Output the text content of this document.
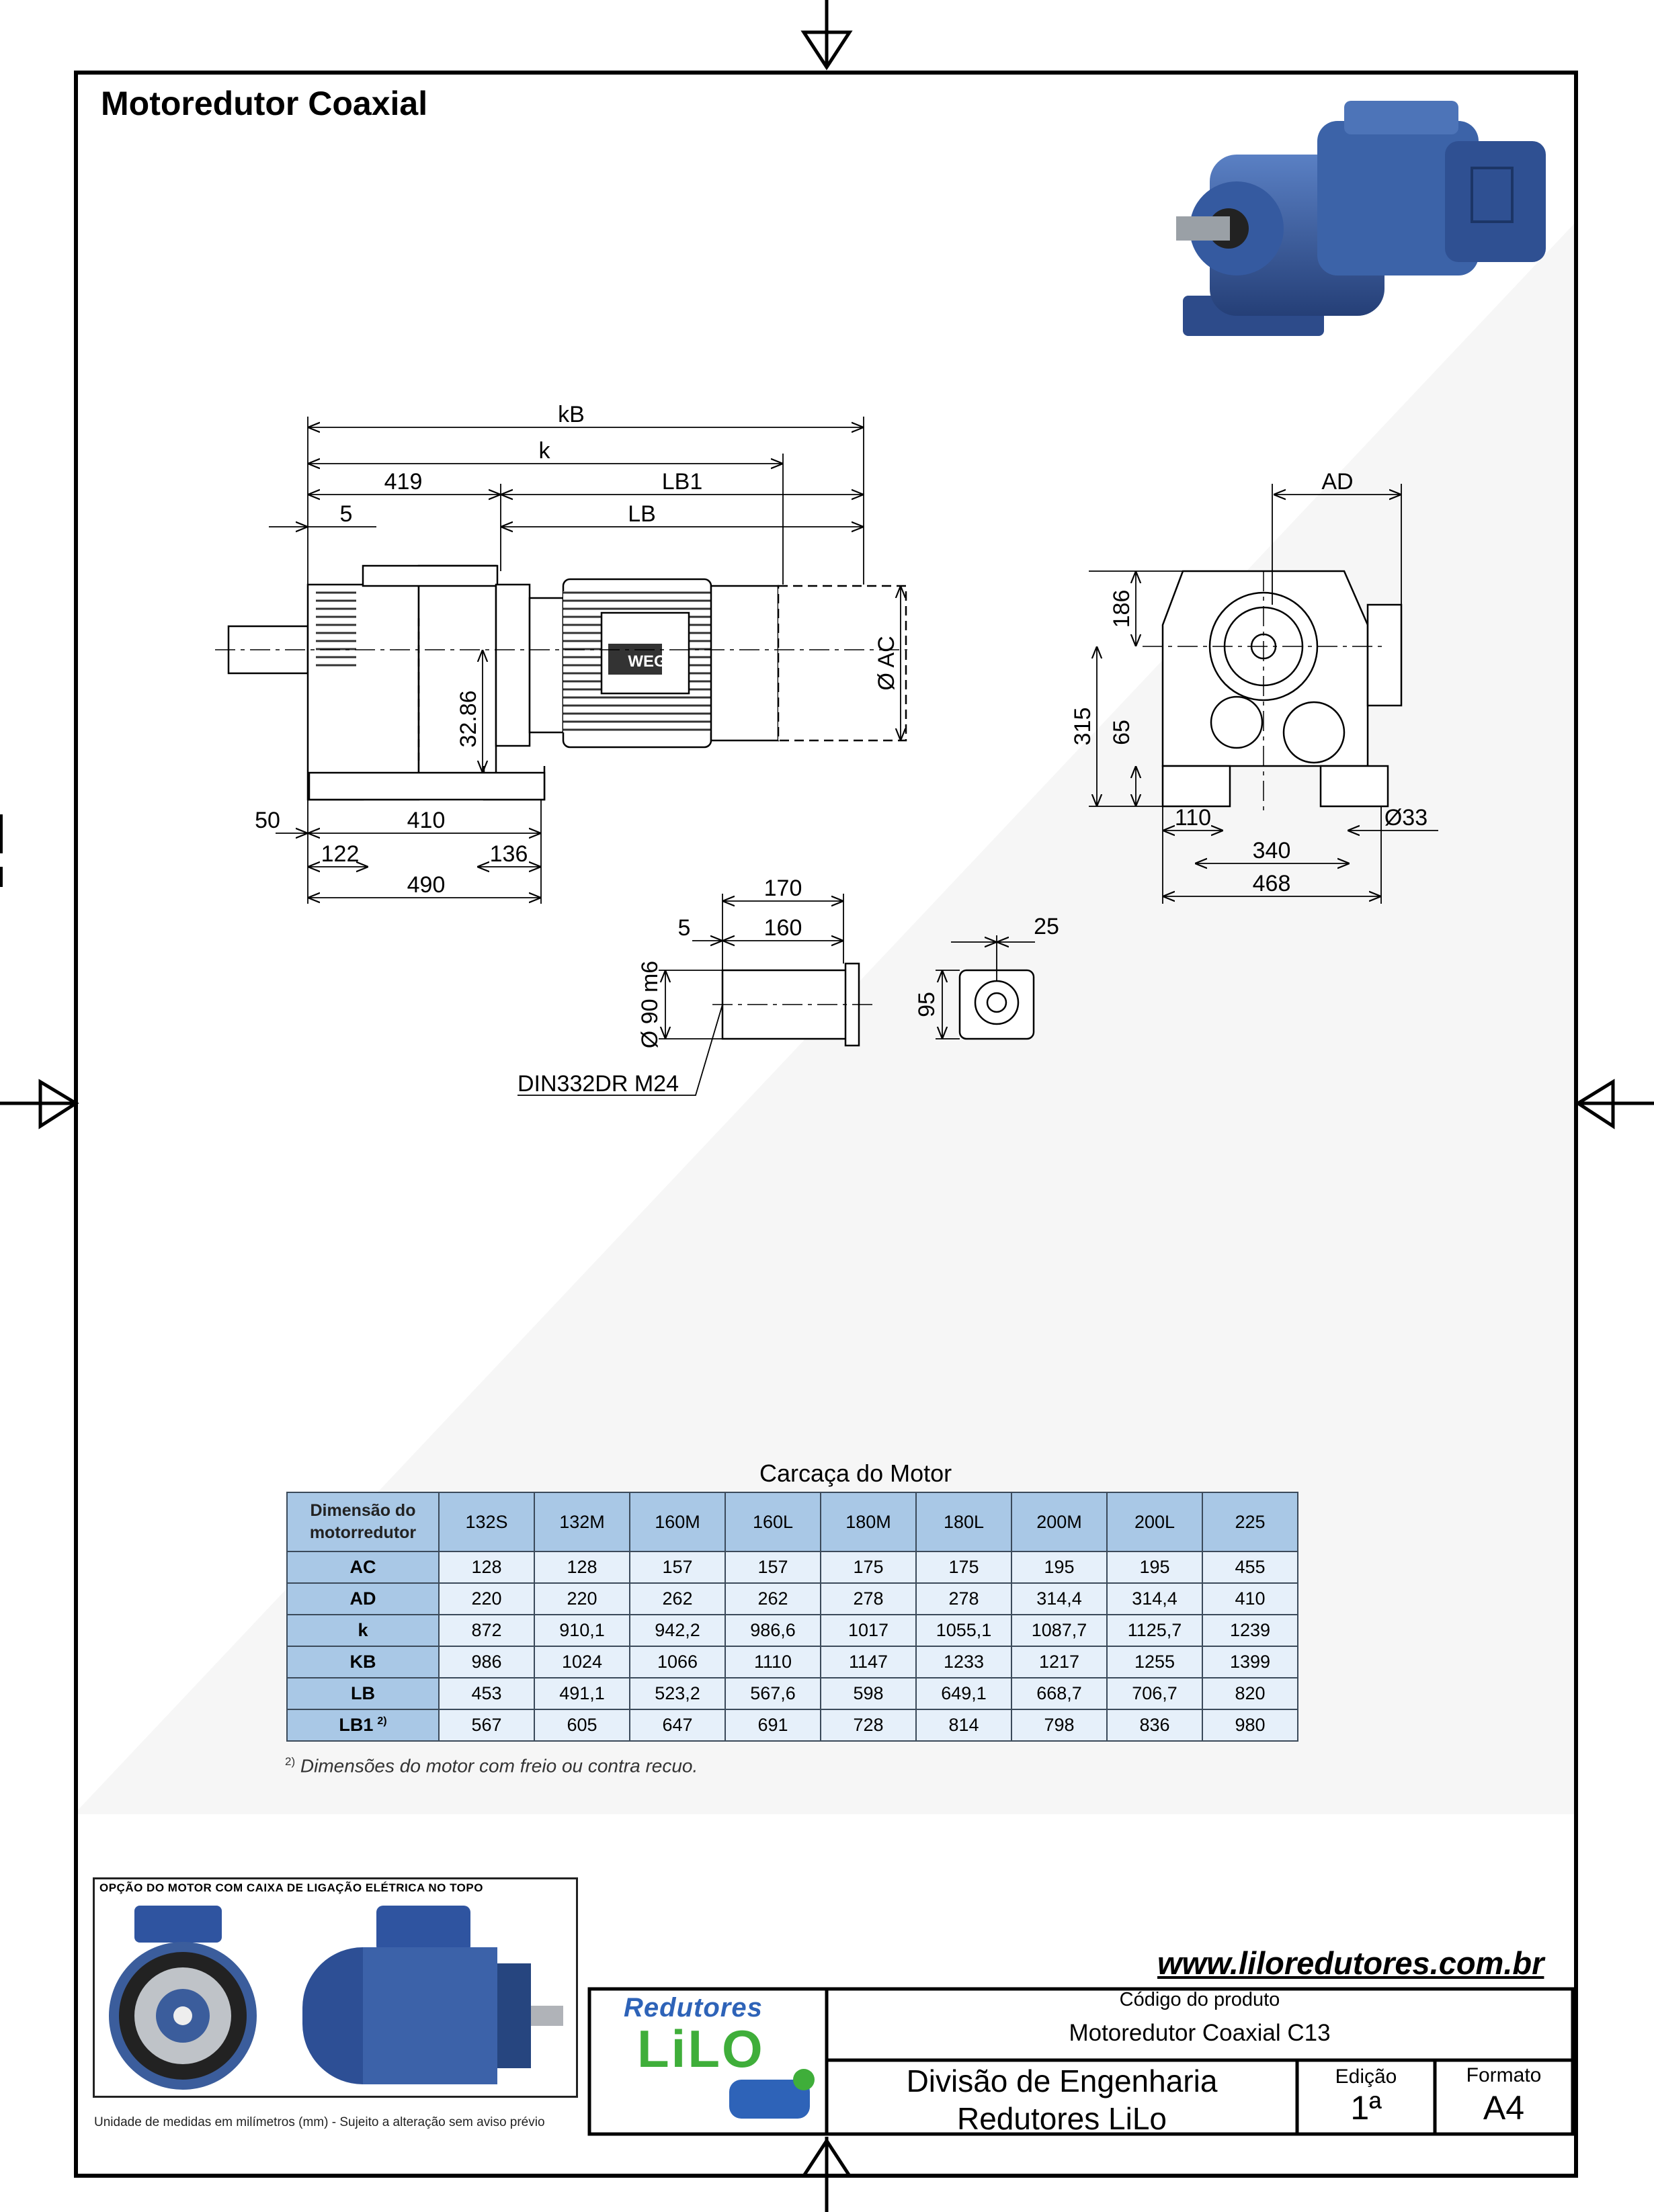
kB
k
419	LB1
5	LB
32.86
Ø AC
50	410
122	136
490
WEG
AD
186
315 65
110	Ø33
340
468
170
5	160
Ø 90 m6
DIN332DR M24
25
95
Motoredutor Coaxial
Carcaça do Motor
Dimensão do motorredutor	132S	132M	160M	160L	180M	180L	200M	200L	225
AC	128	128	157	157	175	175	195	195	455
AD	220	220	262	262	278	278	314,4	314,4	410
k	872	910,1	942,2	986,6	1017	1055,1	1087,7	1125,7	1239
KB	986	1024	1066	1110	1147	1233	1217	1255	1399
LB	453	491,1	523,2	567,6	598	649,1	668,7	706,7	820
LB1 $^{2)}$	567	605	647	691	728	814	798	836	980
$^{2)}$ Dimensões do motor com freio ou contra recuo.
OPÇÃO DO MOTOR COM CAIXA DE LIGAÇÃO ELÉTRICA NO TOPO
Unidade de medidas em milímetros (mm) - Sujeito a alteração sem aviso prévio
www.liloredutores.com.br
Redutores
LiLO
Código do produto
Motoredutor Coaxial C13
Divisão de Engenharia
Redutores LiLo
Edição
1ª
Formato
A4
